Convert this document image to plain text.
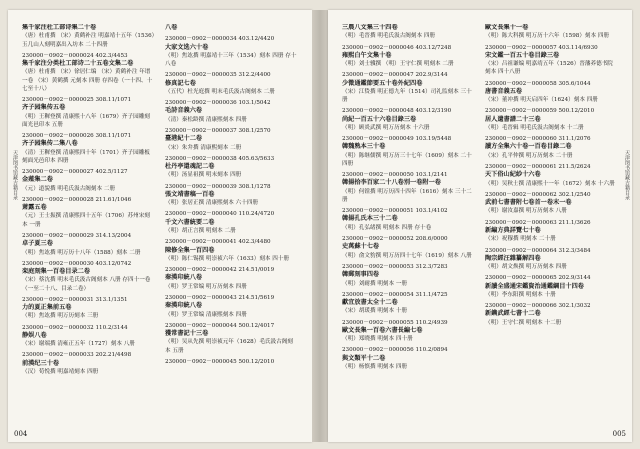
天津图书馆藏古籍目录
集千家注杜工部诗集二十卷
（唐）杜甫撰 （宋）黄鹤补注 明嘉靖十五年（1536）玉几山人刻明嘉出入坊本 二十四册
230000－0902－0000024 402.3/4453
集千家注分类杜工部诗二十五卷文集二卷
（唐）杜甫撰 （宋）徐居仁编 （宋）黄鹤补注 年谱一卷 （宋）黄鹤撰 元刻本 四册 存四卷（一十四、十七至十八）
230000－0902－0000025 308.11/1071
齐子园集传五卷
（明）王穉登撰 清康熙十八年（1679）齐子园雕刻面光邑印本 五册
230000－0902－0000026 308.11/1071
齐子园集传二集八卷
（清）王穉登撰 清康熙四十年（1701）齐子园雕板刻面光邑印本 四册
230000－0902－0000027 402.5/1127
金薤集二卷
（元）道貌撰 明毛氏汲古阁刻本 二册
230000－0902－0000028 211.61/1046
萧露五卷
（元）王士振撰 清康熙四十五年（1706）苏州宋刻本 一册
230000－0902－0000029 314.13/2004
卓子夏三卷
（明）焦竑撰 明万历十八年（1588）刻本 二册
230000－0902－0000030 403.12/0742
栾庭刻集一百卷目录二卷
（宋）蔡沈撰 明末毛氏汲古阁刻本 八册 存四十一卷（一至二十八、目录二卷）
230000－0902－0000031 313.1/1351
力的夏正集前五卷
（明）焦竑撰 明万历刻本 三册
230000－0902－0000032 110.2/3144
静娱八卷
（宋）谢端撰 清雍正五年（1727）刻本 八册
230000－0902－0000033 202.21/4498
前漢纪三十卷
（汉）荀悦撰 明嘉靖刻本 四册
八卷
230000－0902－0000034 403.12/4420
大家文选六十卷
（明）焦竑撰 明嘉靖十三年（1534）刻本 四册 存十八卷
230000－0902－0000035 312.2/4400
修真記七卷
（五代）杜光庭撰 明末毛氏汲古阁刻本 二册
230000－0902－0000036 103.1/5042
毛詩音義六卷
（清）秦松龄撰 清康熙刻本 四册
230000－0902－0000037 308.1/2570
臺港紀十二卷
（宋）朱弁撰 清康熙刻本 二册
230000－0902－0000038 405.63/5633
杜丹亭還魂記二卷
（明）汤显祖撰 明末刻本 四册
230000－0902－0000039 308.1/1278
張文靖書稿一百卷
（明）张居正撰 清康熙刻本 六十四册
230000－0902－0000040 110.24/4720
千文六書統要二卷
（明）胡正言撰 明刻本 二册
230000－0902－0000041 402.3/4480
陳修全集一百四卷
（明）陈仁锡撰 明崇祯六年（1633）刻本 四十册
230000－0902－0000042 214.51/0019
秦漢印統八卷
（明）罗王常编 明万历刻本 四册
230000－0902－0000043 214.51/5619
秦漢印統八卷
（明）罗王常编 清康熙刻本 四册
230000－0902－0000044 500.12/4017
獲常書記十三卷
（明）吴从先撰 明崇祯元年（1628）毛氏汲古阁刻本 五册
230000－0902－0000045 500.12/2010
004
天津图书馆藏古籍目录
三農八文集三十四卷
（明）毛晋撰 明毛氏汲古阁刻本 四册
230000－0902－0000046 403.12/7248
雍熙白午文集十卷
（明）刘士骥撰 （明）王守仁撰 明刻本 二册
230000－0902－0000047 202.9/3144
少微通鑑節要五十卷外紀四卷
（宋）江贽撰 明正德九年（1514）司礼监刻本 三十册
230000－0902－0000048 403.12/3190
尚紀一百五十六卷目錄三卷
（明）顾炎武撰 明万历刻本 十六册
230000－0902－0000049 103.19/5448
韓魏熟本三十卷
（明）陈继儒撰 明万历三十七年（1609）刻本 二十四册
230000－0902－0000050 103.1/2141
韓揚拾李百家二十八卷別一卷附一卷
（明）何镗撰 明万历四十四年（1616）刻本 三十二册
230000－0902－0000051 103.1/4102
韓揚孔氏本三十二卷
（明）孔弘绪撰 明刻本 四册 存十卷
230000－0902－0000052 208.6/0000
史萬蘇十七卷
（明）俞文豹撰 明万历四十七年（1619）刻本 八册
230000－0902－0000053 312.3/7283
韓郵刻事四卷
（明）刘耐撰 明刻本 一册
230000－0902－0000054 311.1/4725
獻宜放書太全十二卷
（宋）胡瑗撰 明刻本 十册
230000－0902－0000055 110.2/4939
歐文長集一百卷六書長編七卷
（明）郑晓撰 明刻本 四十册
230000－0902－0000056 110.2/0894
與文類平十二卷
（明）杨慎撰 明刻本 四册
歐文長集十一卷
（明）陈大科撰 明万历十六年（1598）刻本 四册
230000－0902－0000057 403.114/6930
宋文鑑一百五十卷目錄三卷
（宋）吕祖谦编 明嘉靖五年（1526）晋藩养德书院刻本 四十八册
230000－0902－0000058 305.6/1044
唐書音義五卷
（宋）董冲撰 明天启四年（1624）刻本 四册
230000－0902－0000059 500.12/2010
居人遺書譜二十三卷
（明）毛晋辑 明毛氏汲古阁刻本 十二册
230000－0902－0000060 311.1/2076
讀方全集六十卷一百卷目錄二卷
（宋）孔平仲撰 明万历刻本 二十册
230000－0902－0000061 211.5/2624
天下俗山紀紗十六卷
（明）吴秋士撰 清康熙十一年（1672）刻本 十六册
230000－0902－0000062 302.1/2540
武前七書書附七卷首一卷末一卷
（明）谢汝嘉撰 明万历刻本 八册
230000－0902－0000063 211.1/3626
新編方典詳覽七十卷
（宋）祝穆撰 明刻本 二十册
230000－0902－0000064 312.3/3484
陶宗經汪雜纂解四卷
（明）胡文焕撰 明万历刻本 四册
230000－0902－0000065 202.9/3144
新讀全盛通宋鑑資治通鑑綱目十四卷
（明）李东阳撰 明刻本 十册
230000－0902－0000066 302.1/3032
新鐫武經七書十二卷
（明）王守仁撰 明刻本 十二册
005
